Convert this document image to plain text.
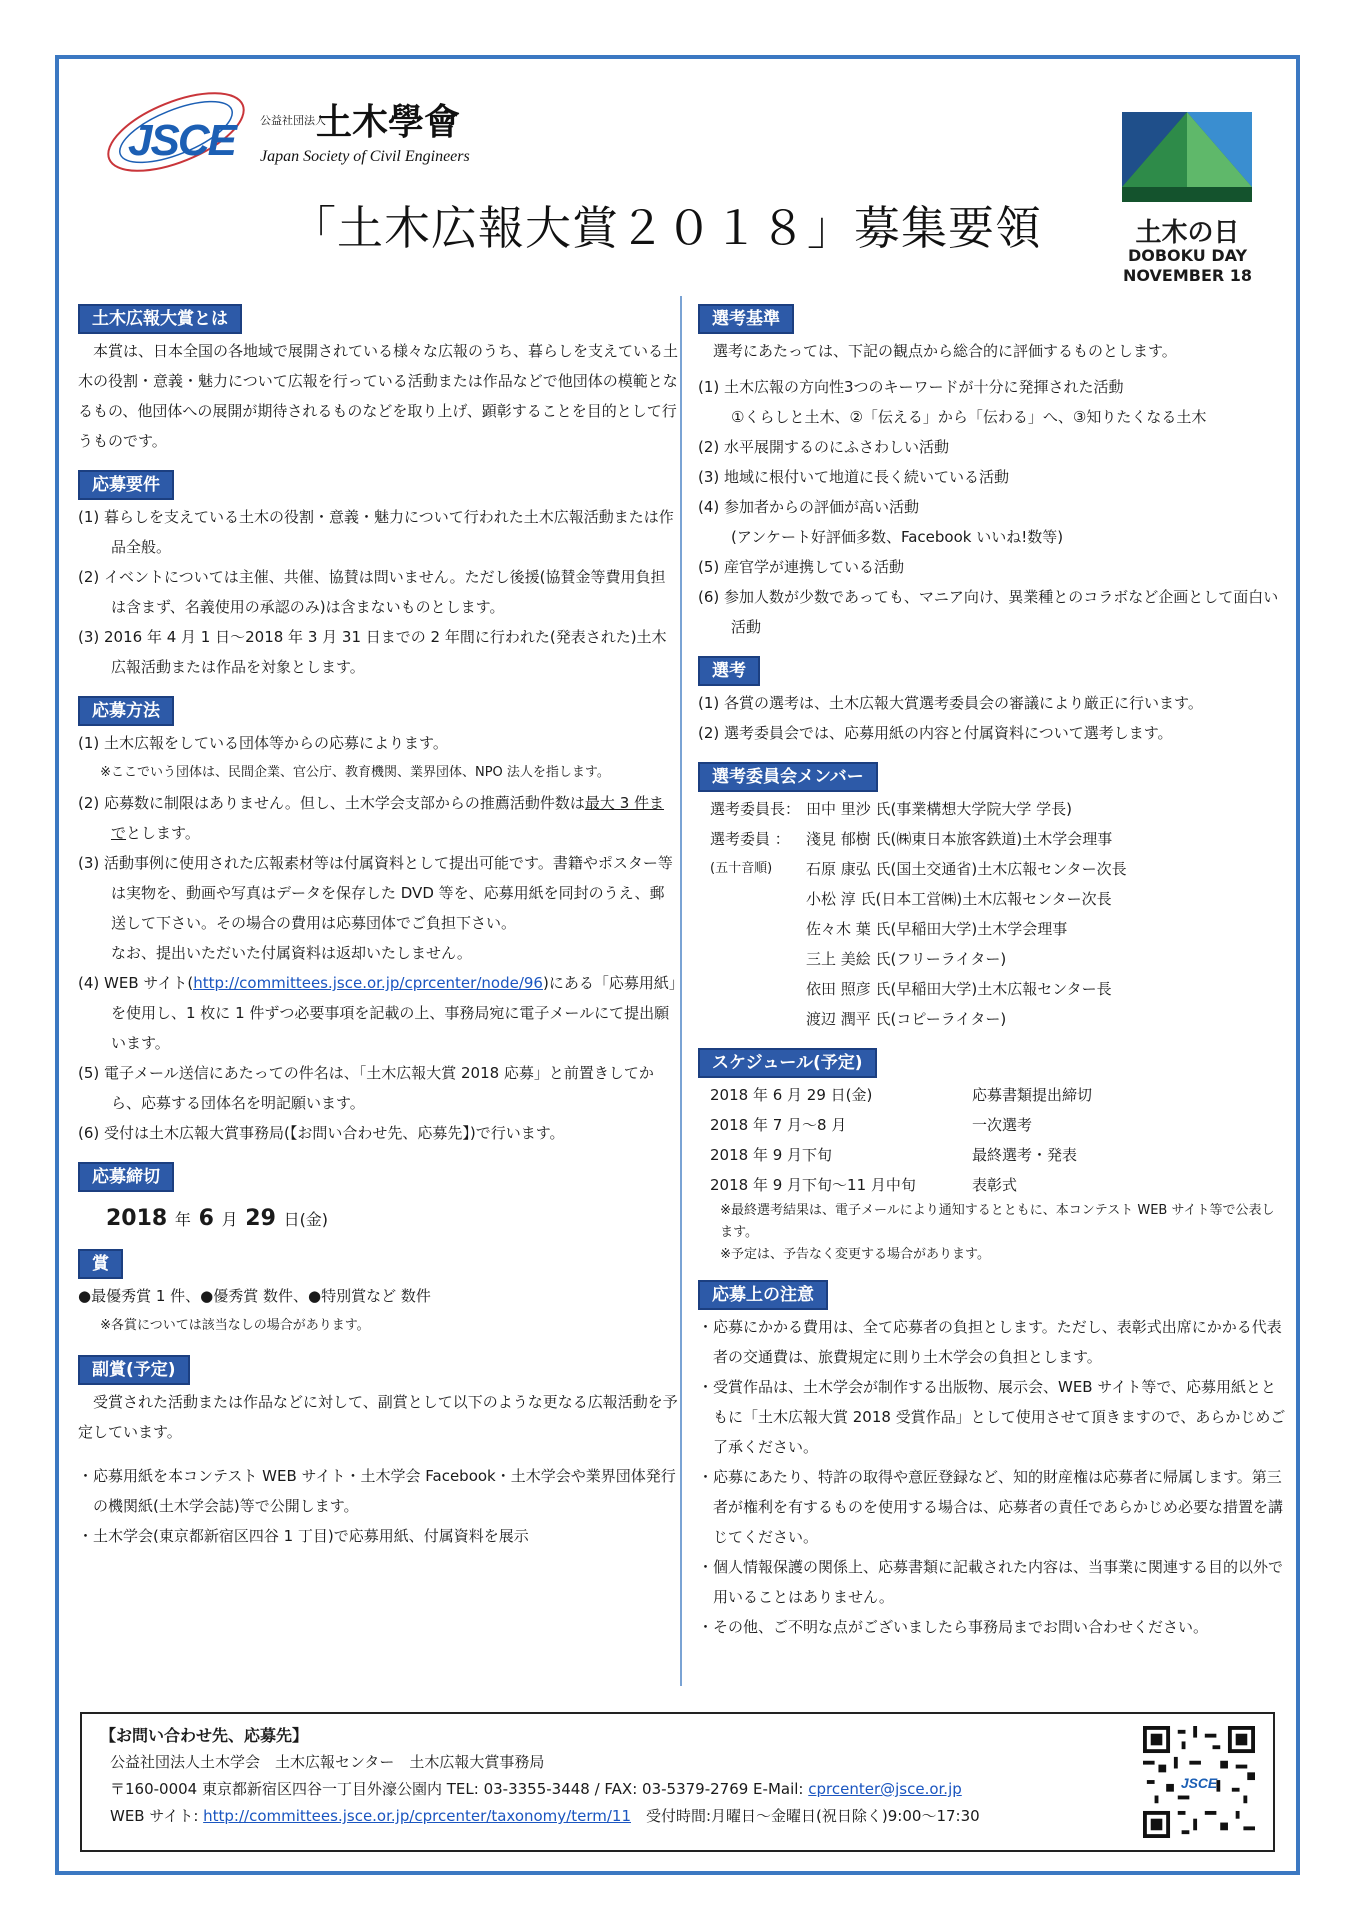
JSCE 公益社団法人
土木學會
Japan Society of Civil Engineers
「土木広報大賞２０１８」募集要領	土木の日
DOBOKU DAY
NOVEMBER 18
土木広報大賞とは

本賞は、日本全国の各地域で展開されている様々な広報のうち、暮らしを支えている土木の役割・意義・魅力について広報を行っている活動または作品などで他団体の模範となるもの、他団体への展開が期待されるものなどを取り上げ、顕彰することを目的として行うものです。

応募要件

(1) 暮らしを支えている土木の役割・意義・魅力について行われた土木広報活動または作品全般。

(2) イベントについては主催、共催、協賛は問いません。ただし後援(協賛金等費用負担は含まず、名義使用の承認のみ)は含まないものとします。

(3) 2016 年 4 月 1 日～2018 年 3 月 31 日までの 2 年間に行われた(発表された)土木広報活動または作品を対象とします。

応募方法

(1) 土木広報をしている団体等からの応募によります。

※ここでいう団体は、民間企業、官公庁、教育機関、業界団体、NPO 法人を指します。

(2) 応募数に制限はありません。但し、土木学会支部からの推薦活動件数は最大 3 件までとします。

(3) 活動事例に使用された広報素材等は付属資料として提出可能です。書籍やポスター等は実物を、動画や写真はデータを保存した DVD 等を、応募用紙を同封のうえ、郵送して下さい。その場合の費用は応募団体でご負担下さい。

なお、提出いただいた付属資料は返却いたしません。

(4) WEB サイト(http://committees.jsce.or.jp/cprcenter/node/96)にある「応募用紙」を使用し、1 枚に 1 件ずつ必要事項を記載の上、事務局宛に電子メールにて提出願います。

(5) 電子メール送信にあたっての件名は、「土木広報大賞 2018 応募」と前置きしてから、応募する団体名を明記願います。

(6) 受付は土木広報大賞事務局(【お問い合わせ先、応募先】)で行います。

応募締切

2018 年 6 月 29 日(金)

賞

●最優秀賞 1 件、●優秀賞 数件、●特別賞など 数件

※各賞については該当なしの場合があります。

副賞(予定)

受賞された活動または作品などに対して、副賞として以下のような更なる広報活動を予定しています。

・応募用紙を本コンテスト WEB サイト・土木学会 Facebook・土木学会や業界団体発行の機関紙(土木学会誌)等で公開します。

・土木学会(東京都新宿区四谷 1 丁目)で応募用紙、付属資料を展示

選考基準

選考にあたっては、下記の観点から総合的に評価するものとします。

(1) 土木広報の方向性3つのキーワードが十分に発揮された活動

①くらしと土木、②「伝える」から「伝わる」へ、③知りたくなる土木

(2) 水平展開するのにふさわしい活動

(3) 地域に根付いて地道に長く続いている活動

(4) 参加者からの評価が高い活動

(アンケート好評価多数、Facebook いいね!数等)

(5) 産官学が連携している活動

(6) 参加人数が少数であっても、マニア向け、異業種とのコラボなど企画として面白い活動

選考

(1) 各賞の選考は、土木広報大賞選考委員会の審議により厳正に行います。

(2) 選考委員会では、応募用紙の内容と付属資料について選考します。

選考委員会メンバー
選考委員長：	田中 里沙 氏(事業構想大学院大学 学長)
選考委員 ：	淺見 郁樹 氏(㈱東日本旅客鉄道)土木学会理事
(五十音順)	石原 康弘 氏(国土交通省)土木広報センター次長
	小松 淳 氏(日本工営㈱)土木広報センター次長
	佐々木 葉 氏(早稲田大学)土木学会理事
	三上 美絵 氏(フリーライター)
	依田 照彦 氏(早稲田大学)土木広報センター長
	渡辺 潤平 氏(コピーライター)
スケジュール(予定)
2018 年 6 月 29 日(金)	応募書類提出締切
2018 年 7 月～8 月	一次選考
2018 年 9 月下旬	最終選考・発表
2018 年 9 月下旬～11 月中旬	表彰式

※最終選考結果は、電子メールにより通知するとともに、本コンテスト WEB サイト等で公表します。

※予定は、予告なく変更する場合があります。

応募上の注意

・応募にかかる費用は、全て応募者の負担とします。ただし、表彰式出席にかかる代表者の交通費は、旅費規定に則り土木学会の負担とします。

・受賞作品は、土木学会が制作する出版物、展示会、WEB サイト等で、応募用紙とともに「土木広報大賞 2018 受賞作品」として使用させて頂きますので、あらかじめご了承ください。

・応募にあたり、特許の取得や意匠登録など、知的財産権は応募者に帰属します。第三者が権利を有するものを使用する場合は、応募者の責任であらかじめ必要な措置を講じてください。

・個人情報保護の関係上、応募書類に記載された内容は、当事業に関連する目的以外で用いることはありません。

・その他、ご不明な点がございましたら事務局までお問い合わせください。

【お問い合わせ先、応募先】
公益社団法人土木学会　土木広報センター　土木広報大賞事務局
〒160-0004 東京都新宿区四谷一丁目外濠公園内 TEL: 03-3355-3448 / FAX: 03-5379-2769 E-Mail: cprcenter@jsce.or.jp
WEB サイト: http://committees.jsce.or.jp/cprcenter/taxonomy/term/11　受付時間:月曜日～金曜日(祝日除く)9:00～17:30
JSCE
